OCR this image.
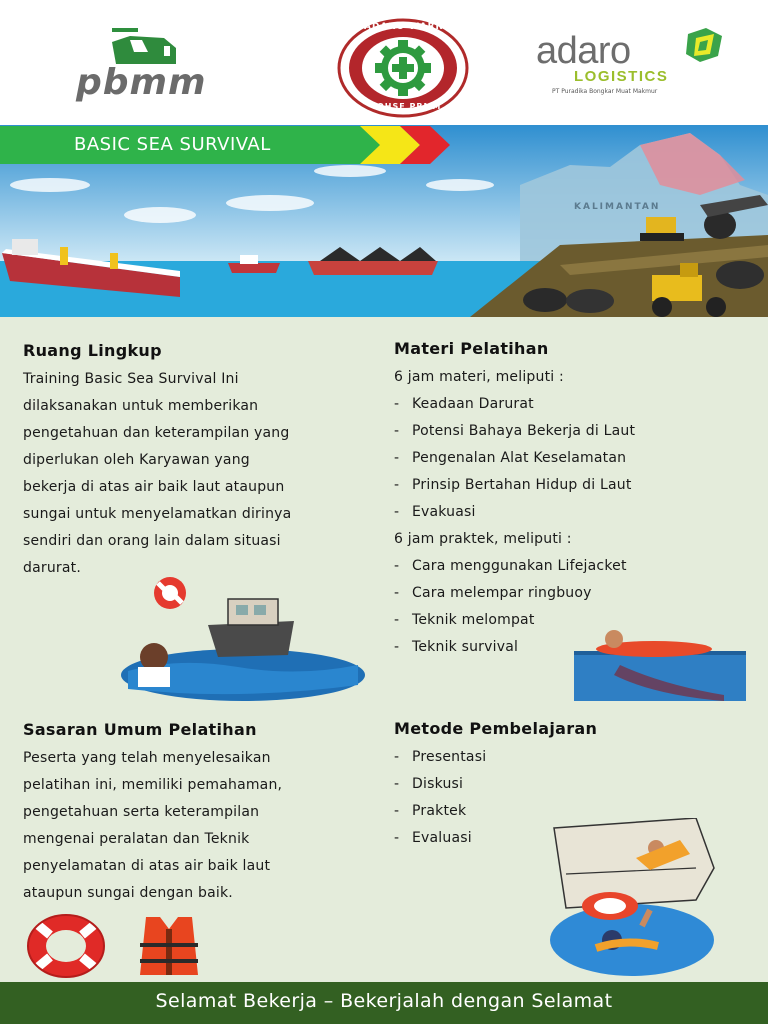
pbmm
ADARO WARRIOR
QHSE PBMM
adaro
LOGISTICS
PT Puradika Bongkar Muat Makmur
BASIC SEA SURVIVAL
KALIMANTAN
Ruang Lingkup
Training Basic Sea Survival Ini
dilaksanakan untuk memberikan
pengetahuan dan keterampilan yang
diperlukan oleh Karyawan yang
bekerja di atas air baik laut ataupun
sungai untuk menyelamatkan dirinya
sendiri dan orang lain dalam situasi
darurat.
Materi Pelatihan
6 jam materi, meliputi :
- Keadaan Darurat
- Potensi Bahaya Bekerja di Laut
- Pengenalan Alat Keselamatan
- Prinsip Bertahan Hidup di Laut
- Evakuasi
6 jam praktek, meliputi :
- Cara menggunakan Lifejacket
- Cara melempar ringbuoy
- Teknik melompat
- Teknik survival
Sasaran Umum Pelatihan
Peserta yang telah menyelesaikan
pelatihan ini, memiliki pemahaman,
pengetahuan serta keterampilan
mengenai peralatan dan Teknik
penyelamatan di atas air baik laut
ataupun sungai dengan baik.
Metode Pembelajaran
- Presentasi
- Diskusi
- Praktek
- Evaluasi
Selamat Bekerja – Bekerjalah dengan Selamat
